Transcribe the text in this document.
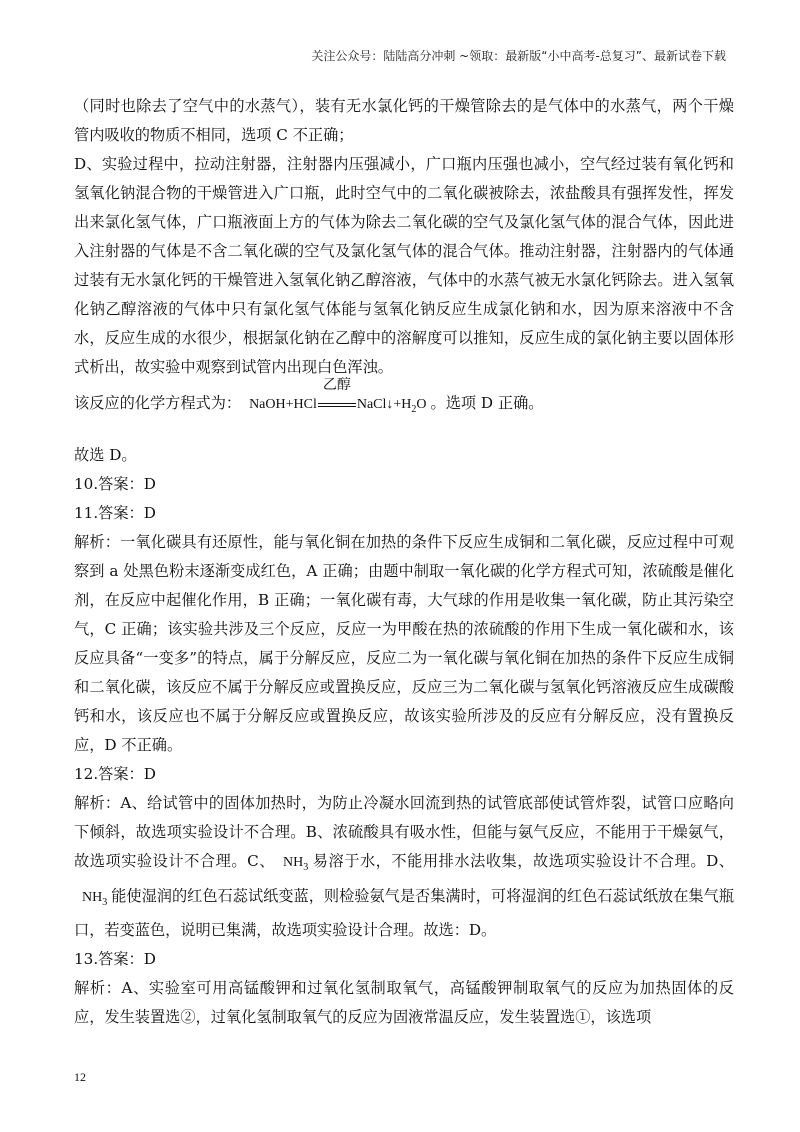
关注公众号：陆陆高分冲刺 ~领取：最新版“小中高考-总复习”、最新试卷下载

（同时也除去了空气中的水蒸气），装有无水氯化钙的干燥管除去的是气体中的水蒸气，两个干燥管内吸收的物质不相同，选项 C 不正确；

D、实验过程中，拉动注射器，注射器内压强减小，广口瓶内压强也减小，空气经过装有氧化钙和氢氧化钠混合物的干燥管进入广口瓶，此时空气中的二氧化碳被除去，浓盐酸具有强挥发性，挥发出来氯化氢气体，广口瓶液面上方的气体为除去二氧化碳的空气及氯化氢气体的混合气体，因此进入注射器的气体是不含二氧化碳的空气及氯化氢气体的混合气体。推动注射器，注射器内的气体通过装有无水氯化钙的干燥管进入氢氧化钠乙醇溶液，气体中的水蒸气被无水氯化钙除去。进入氢氧化钠乙醇溶液的气体中只有氯化氢气体能与氢氧化钠反应生成氯化钠和水，因为原来溶液中不含水，反应生成的水很少，根据氯化钠在乙醇中的溶解度可以推知，反应生成的氯化钠主要以固体形式析出，故实验中观察到试管内出现白色浑浊。

该反应的化学方程式为： NaOH+HCl
乙醇
$NaCl↓+H_2O$ 。选项 D 正确。

故选 D。

10.答案：D

11.答案：D

解析：一氧化碳具有还原性，能与氧化铜在加热的条件下反应生成铜和二氧化碳，反应过程中可观察到 a 处黑色粉末逐渐变成红色，A 正确；由题中制取一氧化碳的化学方程式可知，浓硫酸是催化剂，在反应中起催化作用，B 正确；一氧化碳有毒，大气球的作用是收集一氧化碳，防止其污染空气，C 正确；该实验共涉及三个反应，反应一为甲酸在热的浓硫酸的作用下生成一氧化碳和水，该反应具备“一变多”的特点，属于分解反应，反应二为一氧化碳与氧化铜在加热的条件下反应生成铜和二氧化碳，该反应不属于分解反应或置换反应，反应三为二氧化碳与氢氧化钙溶液反应生成碳酸钙和水，该反应也不属于分解反应或置换反应，故该实验所涉及的反应有分解反应，没有置换反应，D 不正确。

12.答案：D

解析：A、给试管中的固体加热时，为防止冷凝水回流到热的试管底部使试管炸裂，试管口应略向下倾斜，故选项实验设计不合理。B、浓硫酸具有吸水性，但能与氨气反应，不能用于干燥氨气，故选项实验设计不合理。C、 $NH_3$ 易溶于水，不能用排水法收集，故选项实验设计不合理。D、$NH_3$ 能使湿润的红色石蕊试纸变蓝，则检验氨气是否集满时，可将湿润的红色石蕊试纸放在集气瓶口，若变蓝色，说明已集满，故选项实验设计合理。故选：D。

13.答案：D

解析：A、实验室可用高锰酸钾和过氧化氢制取氧气，高锰酸钾制取氧气的反应为加热固体的反应，发生装置选②，过氧化氢制取氧气的反应为固液常温反应，发生装置选①，该选项

12
